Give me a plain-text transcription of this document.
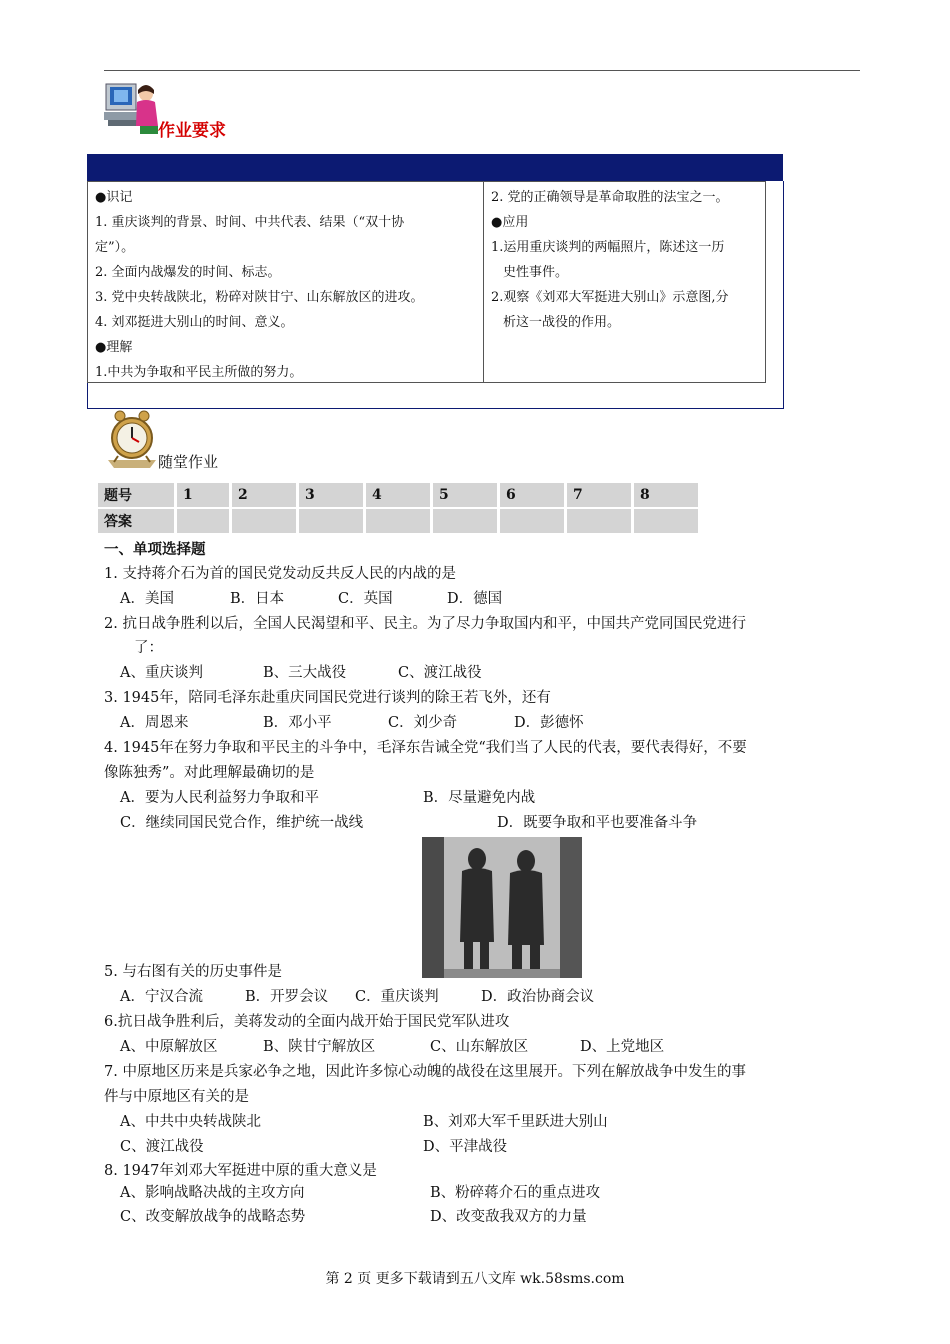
作业要求
●识记
1. 重庆谈判的背景、时间、中共代表、结果（“双十协
定”）。
2. 全面内战爆发的时间、标志。
3. 党中央转战陕北，粉碎对陕甘宁、山东解放区的进攻。
4. 刘邓挺进大别山的时间、意义。
●理解
1.中共为争取和平民主所做的努力。
2. 党的正确领导是革命取胜的法宝之一。
●应用
1.运用重庆谈判的两幅照片，陈述这一历
史性事件。
2.观察《刘邓大军挺进大别山》示意图,分
析这一战役的作用。
随堂作业
题号	1	2	3	4	5	6	7	8
答案								
一、单项选择题
1. 支持蒋介石为首的国民党发动反共反人民的内战的是
A．美国	B．日本	C．英国	D．德国
2. 抗日战争胜利以后，全国人民渴望和平、民主。为了尽力争取国内和平，中国共产党同国民党进行
了：
A、重庆谈判	B、三大战役	C、渡江战役
3. 1945年，陪同毛泽东赴重庆同国民党进行谈判的除王若飞外，还有
A．周恩来	B．邓小平	C．刘少奇	D．彭德怀
4. 1945年在努力争取和平民主的斗争中，毛泽东告诫全党“我们当了人民的代表，要代表得好，不要
像陈独秀”。对此理解最确切的是
A．要为人民利益努力争取和平	B．尽量避免内战
C．继续同国民党合作，维护统一战线	D．既要争取和平也要准备斗争
5. 与右图有关的历史事件是
A．宁汉合流	B．开罗会议 C．重庆谈判	D．政治协商会议
6.抗日战争胜利后，美蒋发动的全面内战开始于国民党军队进攻
A、中原解放区	B、陕甘宁解放区	C、山东解放区	D、上党地区
7. 中原地区历来是兵家必争之地，因此许多惊心动魄的战役在这里展开。下列在解放战争中发生的事
件与中原地区有关的是
A、中共中央转战陕北	B、刘邓大军千里跃进大别山
C、渡江战役	D、平津战役
8. 1947年刘邓大军挺进中原的重大意义是
A、影响战略决战的主攻方向	B、粉碎蒋介石的重点进攻
C、改变解放战争的战略态势	D、改变敌我双方的力量
第 2 页 更多下载请到五八文库 wk.58sms.com
